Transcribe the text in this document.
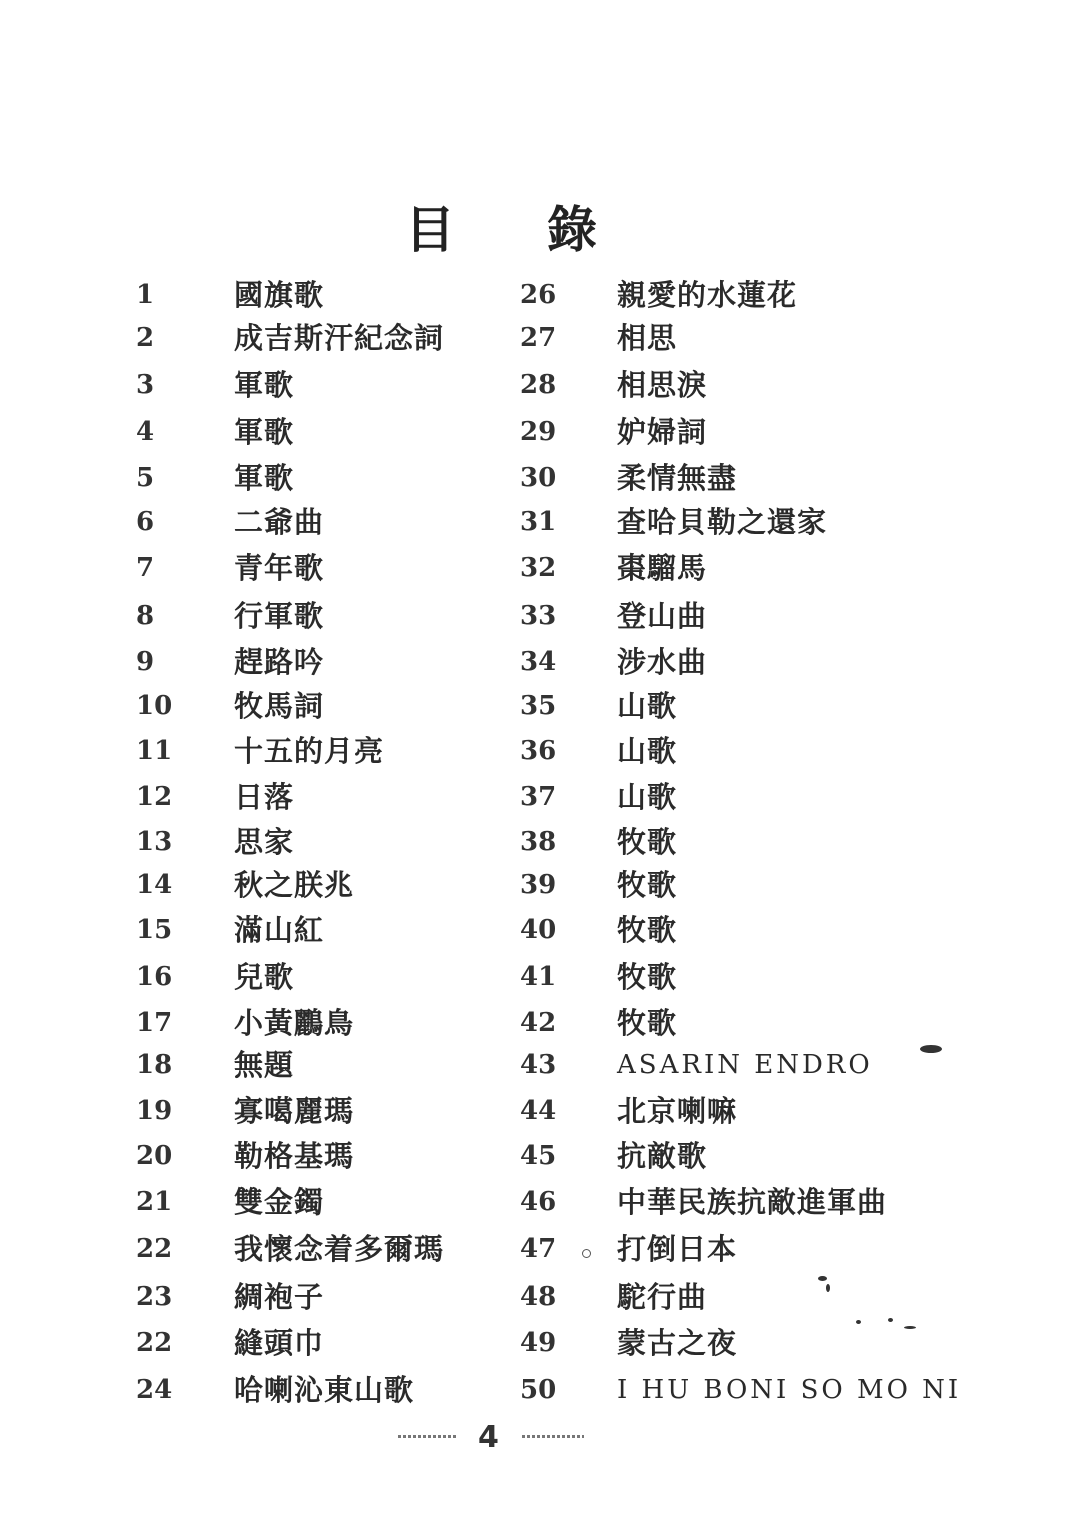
目 錄
1	國旗歌
2	成吉斯汗紀念詞
3	軍歌
4	軍歌
5	軍歌
6	二爺曲
7	青年歌
8	行軍歌
9	趕路吟
10	牧馬詞
11	十五的月亮
12	日落
13	思家
14	秋之朕兆
15	滿山紅
16	兒歌
17	小黃鸝鳥
18	無題
19	寡噶麗瑪
20	勒格基瑪
21	雙金鐲
22	我懷念着多爾瑪
23	綢袍子
22	縫頭巾
24	哈喇沁東山歌
26	親愛的水蓮花
27	相思
28	相思淚
29	妒婦詞
30	柔情無盡
31	查哈貝勒之還家
32	棗騮馬
33	登山曲
34	涉水曲
35	山歌
36	山歌
37	山歌
38	牧歌
39	牧歌
40	牧歌
41	牧歌
42	牧歌
43	ASARIN ENDRO
44	北京喇嘛
45	抗敵歌
46	中華民族抗敵進軍曲
47	打倒日本
48	駝行曲
49	蒙古之夜
50	I HU BONI SO MO NI
4
